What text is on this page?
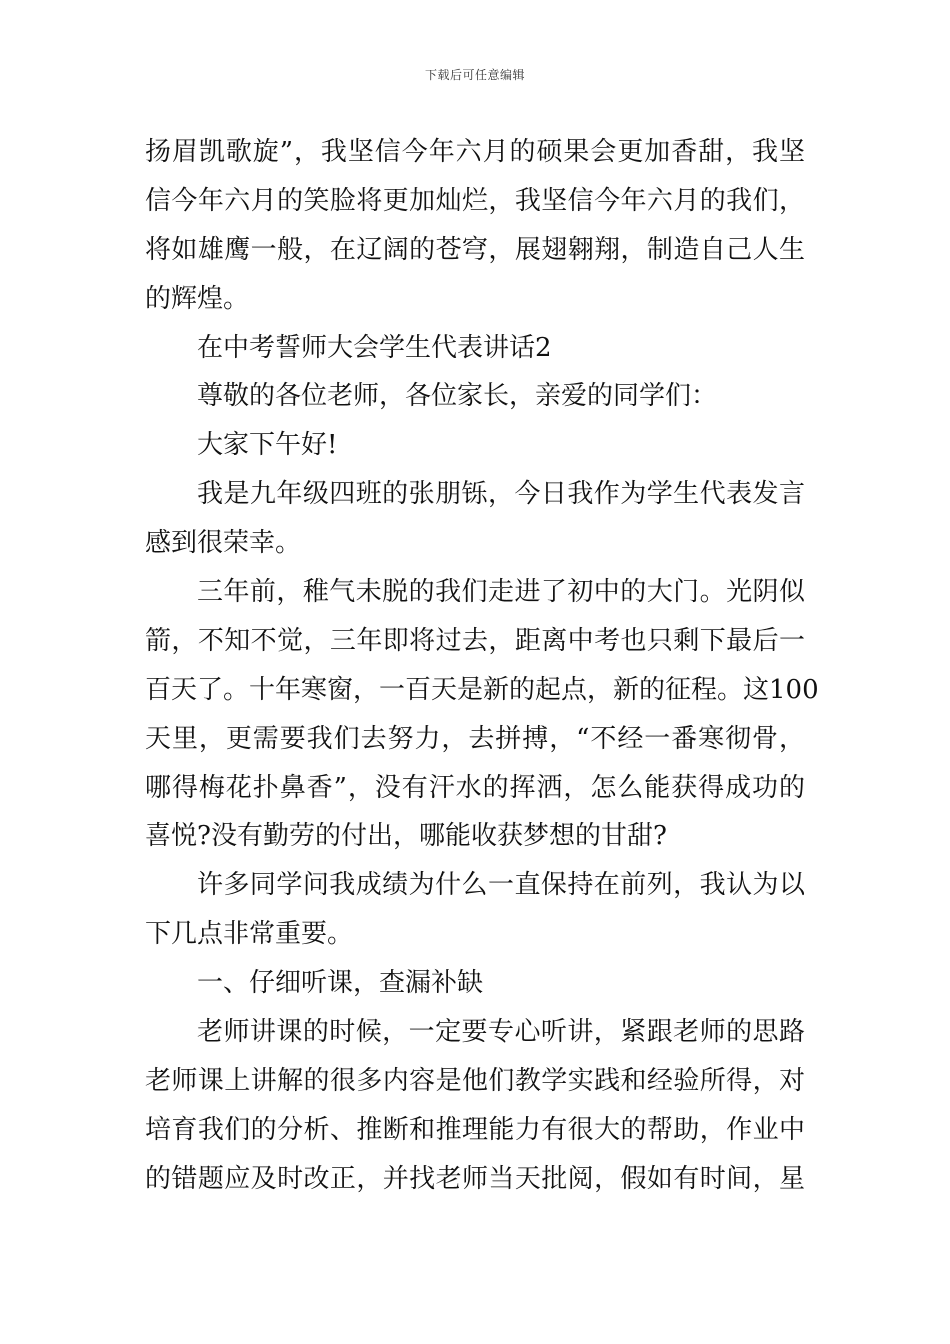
下载后可任意编辑
扬眉凯歌旋”，我坚信今年六月的硕果会更加香甜，我坚
信今年六月的笑脸将更加灿烂，我坚信今年六月的我们，
将如雄鹰一般，在辽阔的苍穹，展翅翱翔，制造自己人生
的辉煌。
在中考誓师大会学生代表讲话2
尊敬的各位老师，各位家长，亲爱的同学们：
大家下午好!
我是九年级四班的张朋铄，今日我作为学生代表发言
感到很荣幸。
三年前，稚气未脱的我们走进了初中的大门。光阴似
箭，不知不觉，三年即将过去，距离中考也只剩下最后一
百天了。十年寒窗，一百天是新的起点，新的征程。这100
天里，更需要我们去努力，去拼搏，“不经一番寒彻骨，
哪得梅花扑鼻香”，没有汗水的挥洒，怎么能获得成功的
喜悦?没有勤劳的付出，哪能收获梦想的甘甜?
许多同学问我成绩为什么一直保持在前列，我认为以
下几点非常重要。
一、仔细听课，查漏补缺
老师讲课的时候，一定要专心听讲，紧跟老师的思路
老师课上讲解的很多内容是他们教学实践和经验所得，对
培育我们的分析、推断和推理能力有很大的帮助，作业中
的错题应及时改正，并找老师当天批阅，假如有时间，星
